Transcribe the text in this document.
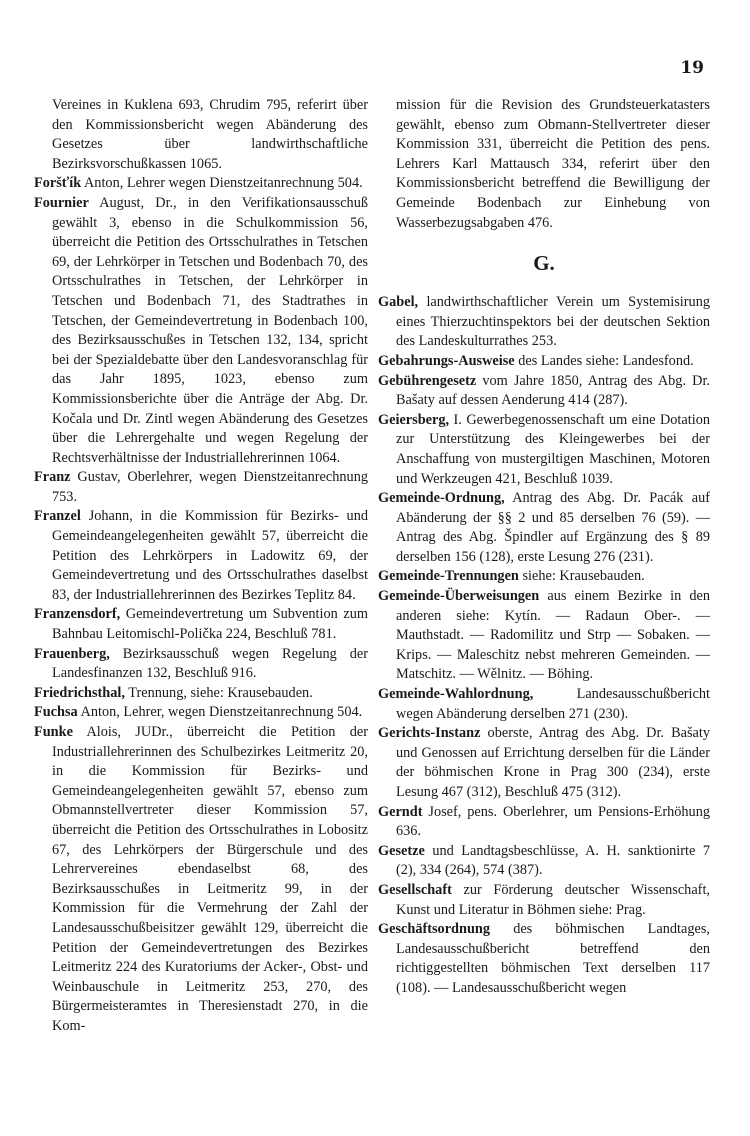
19

Vereines in Kuklena 693, Chrudim 795, referirt über den Kommissionsbericht wegen Abänderung des Gesetzes über landwirthschaftliche Bezirksvorschußkassen 1065.

Foršťík Anton, Lehrer wegen Dienstzeitanrechnung 504.

Fournier August, Dr., in den Verifikationsausschuß gewählt 3, ebenso in die Schulkommission 56, überreicht die Petition des Ortsschulrathes in Tetschen 69, der Lehrkörper in Tetschen und Bodenbach 70, des Ortsschulrathes in Tetschen, der Lehrkörper in Tetschen und Bodenbach 71, des Stadtrathes in Tetschen, der Gemeindevertretung in Bodenbach 100, des Bezirksausschußes in Tetschen 132, 134, spricht bei der Spezialdebatte über den Landesvoranschlag für das Jahr 1895, 1023, ebenso zum Kommissionsberichte über die Anträge der Abg. Dr. Kočala und Dr. Zintl wegen Abänderung des Gesetzes über die Lehrergehalte und wegen Regelung der Rechtsverhältnisse der Industriallehrerinnen 1064.

Franz Gustav, Oberlehrer, wegen Dienstzeitanrechnung 753.

Franzel Johann, in die Kommission für Bezirks- und Gemeindeangelegenheiten gewählt 57, überreicht die Petition des Lehrkörpers in Ladowitz 69, der Gemeindevertretung und des Ortsschulrathes daselbst 83, der Industriallehrerinnen des Bezirkes Teplitz 84.

Franzensdorf, Gemeindevertretung um Subvention zum Bahnbau Leitomischl-Polička 224, Beschluß 781.

Frauenberg, Bezirksausschuß wegen Regelung der Landesfinanzen 132, Beschluß 916.

Friedrichsthal, Trennung, siehe: Krausebauden.

Fuchsa Anton, Lehrer, wegen Dienstzeitanrechnung 504.

Funke Alois, JUDr., überreicht die Petition der Industriallehrerinnen des Schulbezirkes Leitmeritz 20, in die Kommission für Bezirks- und Gemeindeangelegenheiten gewählt 57, ebenso zum Obmannstellvertreter dieser Kommission 57, überreicht die Petition des Ortsschulrathes in Lobositz 67, des Lehrkörpers der Bürgerschule und des Lehrervereines ebendaselbst 68, des Bezirksausschußes in Leitmeritz 99, in der Kommission für die Vermehrung der Zahl der Landesausschußbeisitzer gewählt 129, überreicht die Petition der Gemeindevertretungen des Bezirkes Leitmeritz 224 des Kuratoriums der Acker-, Obst- und Weinbauschule in Leitmeritz 253, 270, des Bürgermeisteramtes in Theresienstadt 270, in die Kom-

mission für die Revision des Grundsteuerkatasters gewählt, ebenso zum Obmann-Stellvertreter dieser Kommission 331, überreicht die Petition des pens. Lehrers Karl Mattausch 334, referirt über den Kommissionsbericht betreffend die Bewilligung der Gemeinde Bodenbach zur Einhebung von Wasserbezugsabgaben 476.

G.

Gabel, landwirthschaftlicher Verein um Systemisirung eines Thierzuchtinspektors bei der deutschen Sektion des Landeskulturrathes 253.

Gebahrungs-Ausweise des Landes siehe: Landesfond.

Gebührengesetz vom Jahre 1850, Antrag des Abg. Dr. Bašaty auf dessen Aenderung 414 (287).

Geiersberg, I. Gewerbegenossenschaft um eine Dotation zur Unterstützung des Kleingewerbes bei der Anschaffung von mustergiltigen Maschinen, Motoren und Werkzeugen 421, Beschluß 1039.

Gemeinde-Ordnung, Antrag des Abg. Dr. Pacák auf Abänderung der §§ 2 und 85 derselben 76 (59). — Antrag des Abg. Špindler auf Ergänzung des § 89 derselben 156 (128), erste Lesung 276 (231).

Gemeinde-Trennungen siehe: Krausebauden.

Gemeinde-Überweisungen aus einem Bezirke in den anderen siehe: Kytín. — Radaun Ober-. — Mauthstadt. — Radomilitz und Strp — Sobaken. — Krips. — Maleschitz nebst mehreren Gemeinden. — Matschitz. — Wělnitz. — Böhing.

Gemeinde-Wahlordnung,	Landesausschußbericht wegen Abänderung derselben 271 (230).

Gerichts-Instanz oberste, Antrag des Abg. Dr. Bašaty und Genossen auf Errichtung derselben für die Länder der böhmischen Krone in Prag 300 (234), erste Lesung 467 (312), Beschluß 475 (312).

Gerndt Josef, pens. Oberlehrer, um Pensions-Erhöhung 636.

Gesetze und Landtagsbeschlüsse, A. H. sanktionirte 7 (2), 334 (264), 574 (387).

Gesellschaft zur Förderung deutscher Wissenschaft, Kunst und Literatur in Böhmen siehe: Prag.

Geschäftsordnung des böhmischen Landtages, Landesausschußbericht betreffend den richtiggestellten böhmischen Text derselben 117 (108). — Landesausschußbericht wegen
